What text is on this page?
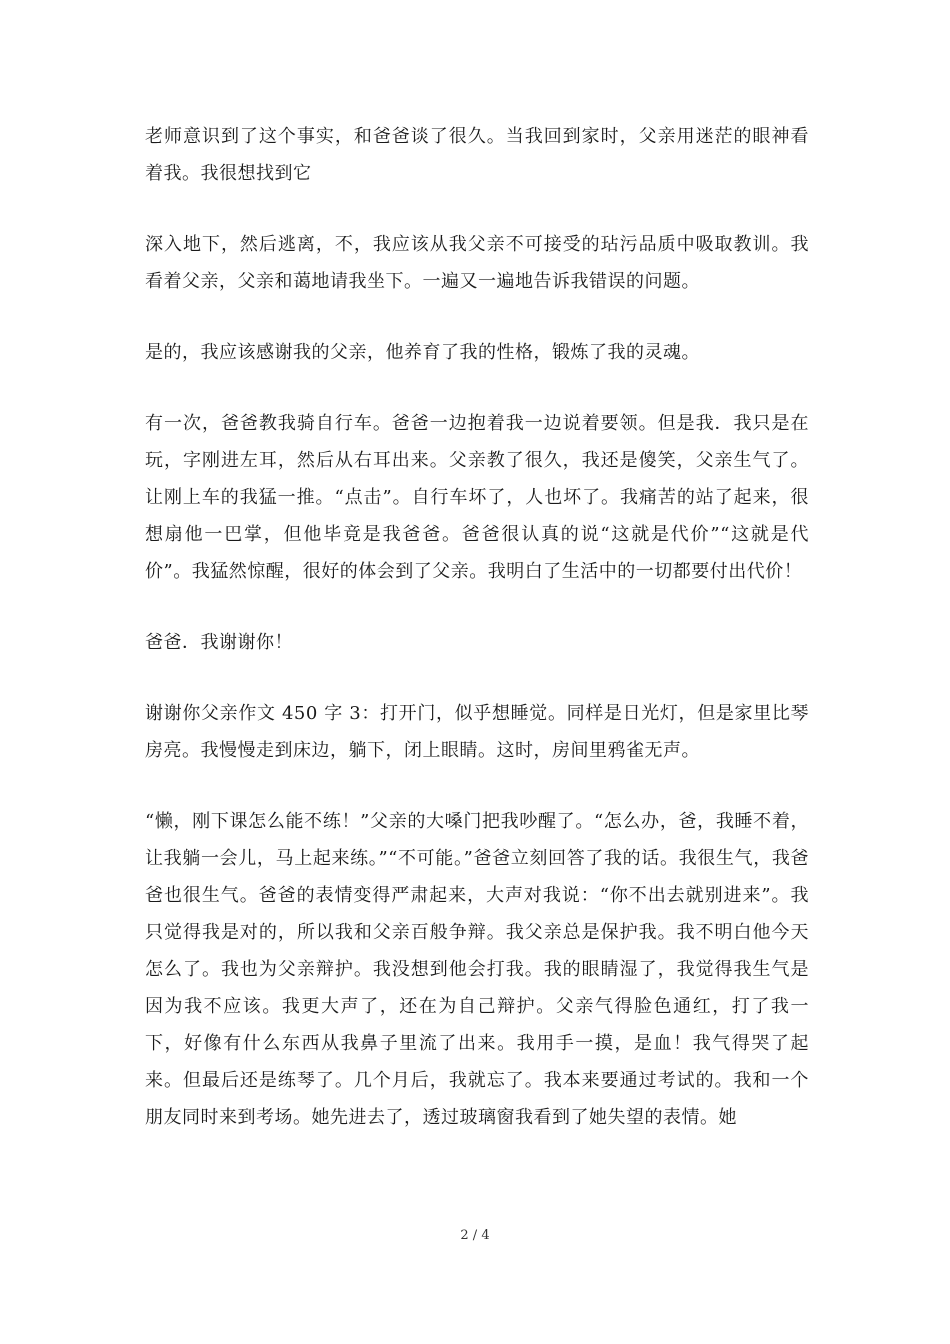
老师意识到了这个事实，和爸爸谈了很久。当我回到家时，父亲用迷茫的眼神看着我。我很想找到它

深入地下，然后逃离，不，我应该从我父亲不可接受的玷污品质中吸取教训。我看着父亲，父亲和蔼地请我坐下。一遍又一遍地告诉我错误的问题。

是的，我应该感谢我的父亲，他养育了我的性格，锻炼了我的灵魂。

有一次，爸爸教我骑自行车。爸爸一边抱着我一边说着要领。但是我．我只是在玩，字刚进左耳，然后从右耳出来。父亲教了很久，我还是傻笑，父亲生气了。让刚上车的我猛一推。“点击”。自行车坏了，人也坏了。我痛苦的站了起来，很想扇他一巴掌，但他毕竟是我爸爸。爸爸很认真的说“这就是代价”“这就是代价”。我猛然惊醒，很好的体会到了父亲。我明白了生活中的一切都要付出代价！

爸爸．我谢谢你！

谢谢你父亲作文 450 字 3：打开门，似乎想睡觉。同样是日光灯，但是家里比琴房亮。我慢慢走到床边，躺下，闭上眼睛。这时，房间里鸦雀无声。

“懒，刚下课怎么能不练！”父亲的大嗓门把我吵醒了。“怎么办，爸，我睡不着，让我躺一会儿，马上起来练。”“不可能。”爸爸立刻回答了我的话。我很生气，我爸爸也很生气。爸爸的表情变得严肃起来，大声对我说：“你不出去就别进来”。我只觉得我是对的，所以我和父亲百般争辩。我父亲总是保护我。我不明白他今天怎么了。我也为父亲辩护。我没想到他会打我。我的眼睛湿了，我觉得我生气是因为我不应该。我更大声了，还在为自己辩护。父亲气得脸色通红，打了我一下，好像有什么东西从我鼻子里流了出来。我用手一摸，是血！我气得哭了起来。但最后还是练琴了。几个月后，我就忘了。我本来要通过考试的。我和一个朋友同时来到考场。她先进去了，透过玻璃窗我看到了她失望的表情。她

2 / 4
